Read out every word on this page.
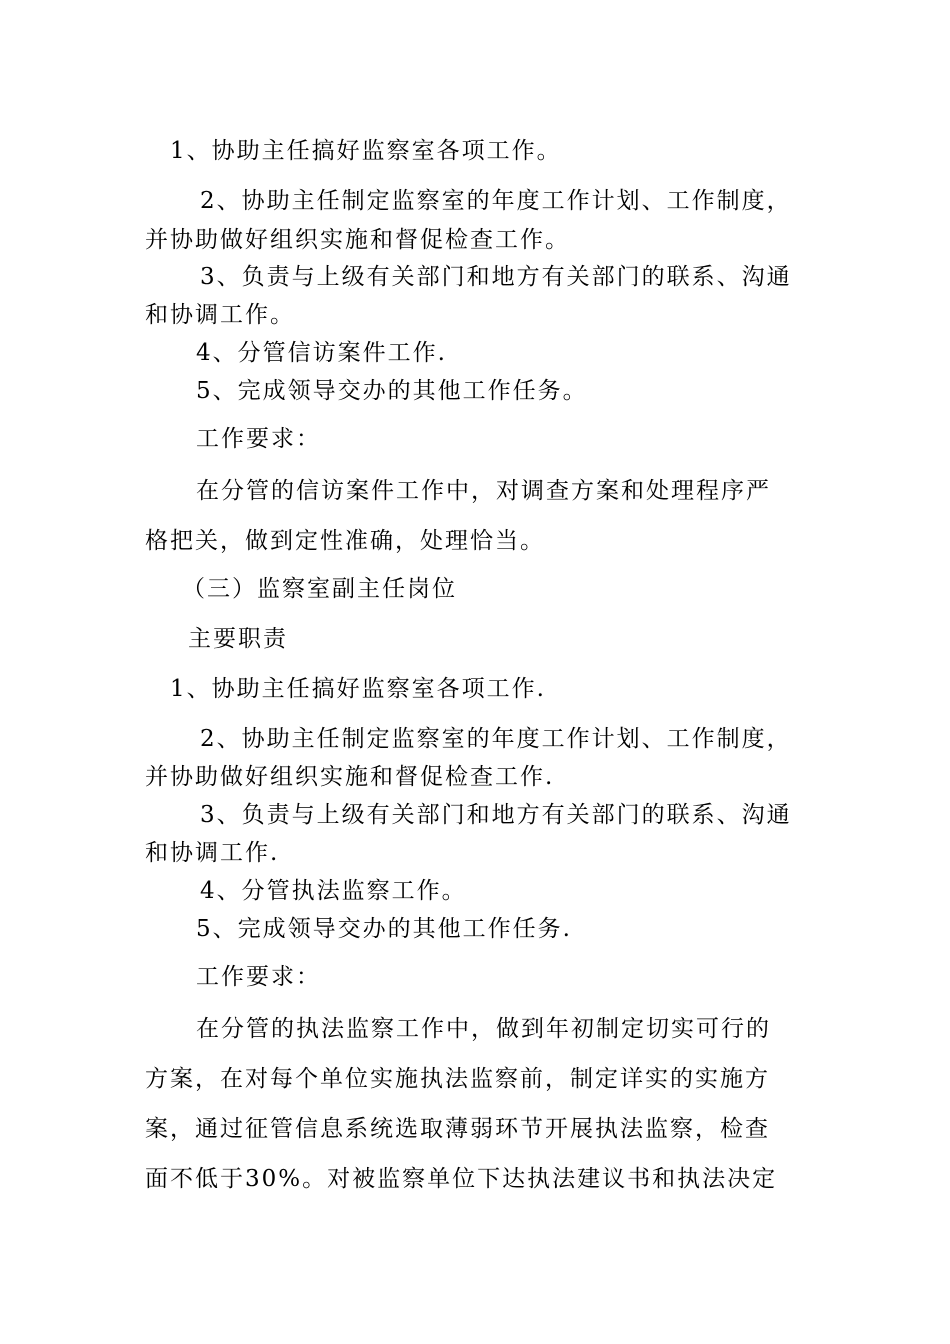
1、协助主任搞好监察室各项工作。
2、协助主任制定监察室的年度工作计划、工作制度，
并协助做好组织实施和督促检查工作。
3、负责与上级有关部门和地方有关部门的联系、沟通
和协调工作。
4、分管信访案件工作.
5、完成领导交办的其他工作任务。
工作要求：
在分管的信访案件工作中，对调查方案和处理程序严
格把关，做到定性准确，处理恰当。
（三）监察室副主任岗位
主要职责
1、协助主任搞好监察室各项工作.
2、协助主任制定监察室的年度工作计划、工作制度，
并协助做好组织实施和督促检查工作.
3、负责与上级有关部门和地方有关部门的联系、沟通
和协调工作.
4、分管执法监察工作。
5、完成领导交办的其他工作任务.
工作要求：
在分管的执法监察工作中，做到年初制定切实可行的
方案，在对每个单位实施执法监察前，制定详实的实施方
案，通过征管信息系统选取薄弱环节开展执法监察，检查
面不低于30%。对被监察单位下达执法建议书和执法决定
